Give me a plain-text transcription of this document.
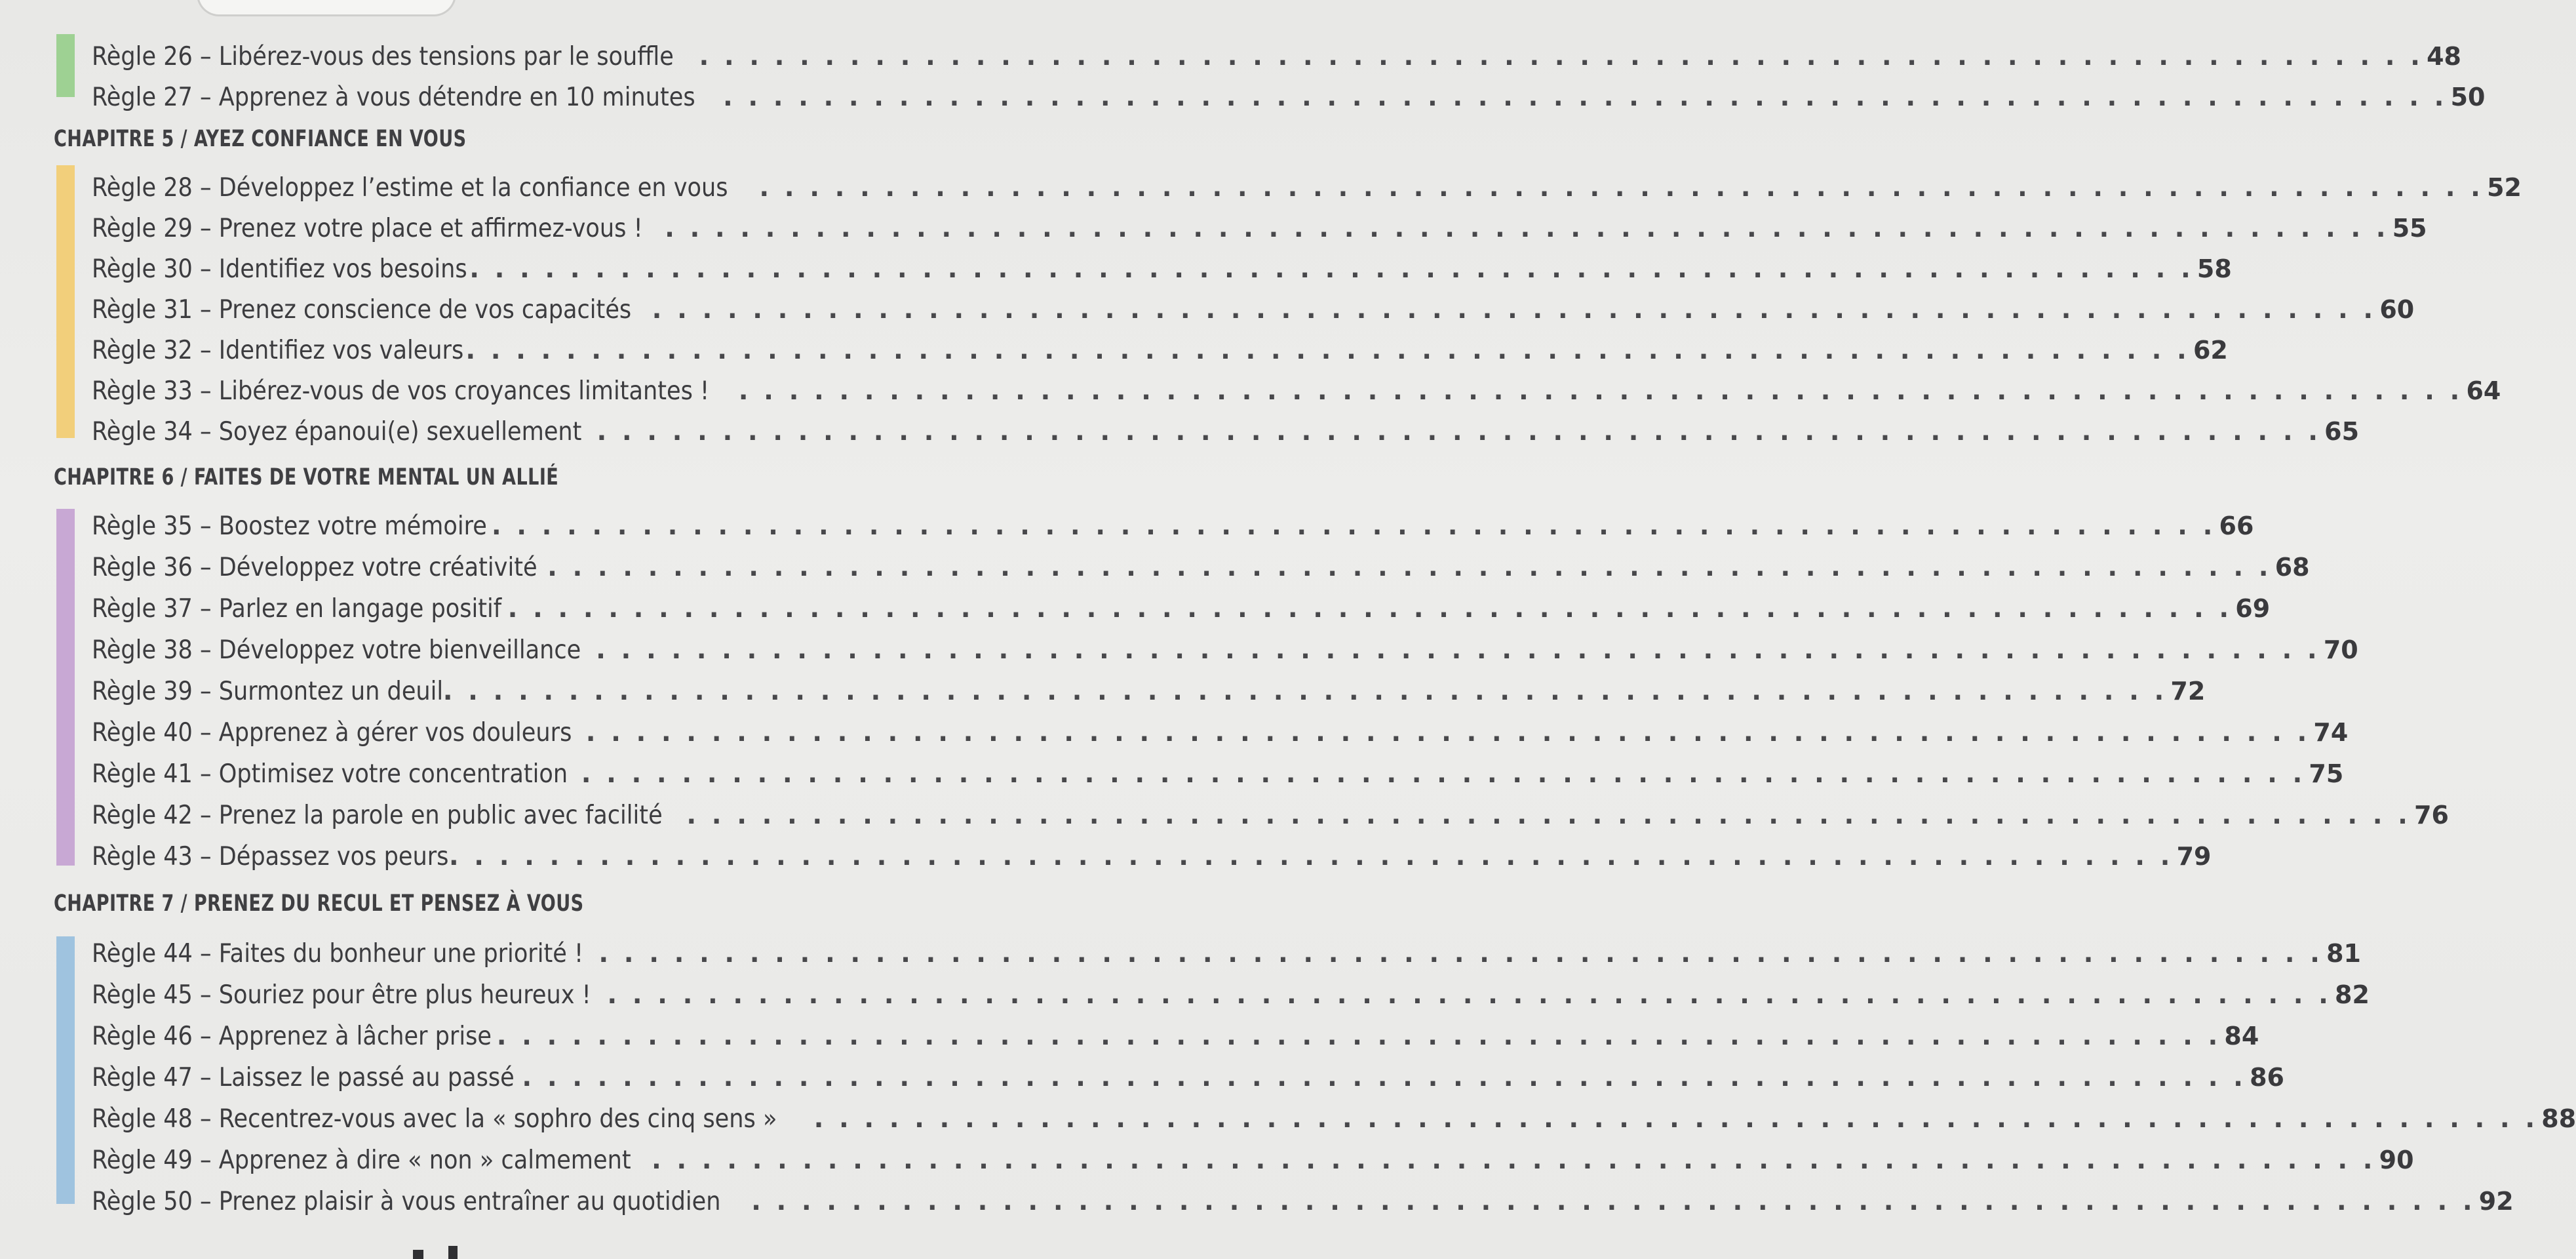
Règle 26 – Libérez-vous des tensions par le souffle . . . . . . . . . . . . . . . . . . . . . . . . . . . . . . . . . . . . . . . . . . . . . . . . . . . . . . . . . . . . . . . . . . . . . 48
Règle 27 – Apprenez à vous détendre en 10 minutes . . . . . . . . . . . . . . . . . . . . . . . . . . . . . . . . . . . . . . . . . . . . . . . . . . . . . . . . . . . . . . . . . . . . . 50
CHAPITRE 5 / AYEZ CONFIANCE EN VOUS
Règle 28 – Développez l’estime et la confiance en vous . . . . . . . . . . . . . . . . . . . . . . . . . . . . . . . . . . . . . . . . . . . . . . . . . . . . . . . . . . . . . . . . . . . . . 52
Règle 29 – Prenez votre place et affirmez-vous ! . . . . . . . . . . . . . . . . . . . . . . . . . . . . . . . . . . . . . . . . . . . . . . . . . . . . . . . . . . . . . . . . . . . . . 55
Règle 30 – Identifiez vos besoins . . . . . . . . . . . . . . . . . . . . . . . . . . . . . . . . . . . . . . . . . . . . . . . . . . . . . . . . . . . . . . . . . . . . . 58
Règle 31 – Prenez conscience de vos capacités . . . . . . . . . . . . . . . . . . . . . . . . . . . . . . . . . . . . . . . . . . . . . . . . . . . . . . . . . . . . . . . . . . . . . 60
Règle 32 – Identifiez vos valeurs . . . . . . . . . . . . . . . . . . . . . . . . . . . . . . . . . . . . . . . . . . . . . . . . . . . . . . . . . . . . . . . . . . . . . 62
Règle 33 – Libérez-vous de vos croyances limitantes ! . . . . . . . . . . . . . . . . . . . . . . . . . . . . . . . . . . . . . . . . . . . . . . . . . . . . . . . . . . . . . . . . . . . . . 64
Règle 34 – Soyez épanoui(e) sexuellement . . . . . . . . . . . . . . . . . . . . . . . . . . . . . . . . . . . . . . . . . . . . . . . . . . . . . . . . . . . . . . . . . . . . . 65
CHAPITRE 6 / FAITES DE VOTRE MENTAL UN ALLIÉ
Règle 35 – Boostez votre mémoire . . . . . . . . . . . . . . . . . . . . . . . . . . . . . . . . . . . . . . . . . . . . . . . . . . . . . . . . . . . . . . . . . . . . . 66
Règle 36 – Développez votre créativité . . . . . . . . . . . . . . . . . . . . . . . . . . . . . . . . . . . . . . . . . . . . . . . . . . . . . . . . . . . . . . . . . . . . . 68
Règle 37 – Parlez en langage positif . . . . . . . . . . . . . . . . . . . . . . . . . . . . . . . . . . . . . . . . . . . . . . . . . . . . . . . . . . . . . . . . . . . . . 69
Règle 38 – Développez votre bienveillance . . . . . . . . . . . . . . . . . . . . . . . . . . . . . . . . . . . . . . . . . . . . . . . . . . . . . . . . . . . . . . . . . . . . . 70
Règle 39 – Surmontez un deuil . . . . . . . . . . . . . . . . . . . . . . . . . . . . . . . . . . . . . . . . . . . . . . . . . . . . . . . . . . . . . . . . . . . . . 72
Règle 40 – Apprenez à gérer vos douleurs . . . . . . . . . . . . . . . . . . . . . . . . . . . . . . . . . . . . . . . . . . . . . . . . . . . . . . . . . . . . . . . . . . . . . 74
Règle 41 – Optimisez votre concentration . . . . . . . . . . . . . . . . . . . . . . . . . . . . . . . . . . . . . . . . . . . . . . . . . . . . . . . . . . . . . . . . . . . . . 75
Règle 42 – Prenez la parole en public avec facilité . . . . . . . . . . . . . . . . . . . . . . . . . . . . . . . . . . . . . . . . . . . . . . . . . . . . . . . . . . . . . . . . . . . . . 76
Règle 43 – Dépassez vos peurs . . . . . . . . . . . . . . . . . . . . . . . . . . . . . . . . . . . . . . . . . . . . . . . . . . . . . . . . . . . . . . . . . . . . . 79
CHAPITRE 7 / PRENEZ DU RECUL ET PENSEZ À VOUS
Règle 44 – Faites du bonheur une priorité ! . . . . . . . . . . . . . . . . . . . . . . . . . . . . . . . . . . . . . . . . . . . . . . . . . . . . . . . . . . . . . . . . . . . . . 81
Règle 45 – Souriez pour être plus heureux ! . . . . . . . . . . . . . . . . . . . . . . . . . . . . . . . . . . . . . . . . . . . . . . . . . . . . . . . . . . . . . . . . . . . . . 82
Règle 46 – Apprenez à lâcher prise . . . . . . . . . . . . . . . . . . . . . . . . . . . . . . . . . . . . . . . . . . . . . . . . . . . . . . . . . . . . . . . . . . . . . 84
Règle 47 – Laissez le passé au passé . . . . . . . . . . . . . . . . . . . . . . . . . . . . . . . . . . . . . . . . . . . . . . . . . . . . . . . . . . . . . . . . . . . . . 86
Règle 48 – Recentrez-vous avec la « sophro des cinq sens » . . . . . . . . . . . . . . . . . . . . . . . . . . . . . . . . . . . . . . . . . . . . . . . . . . . . . . . . . . . . . . . . . . . . . 88
Règle 49 – Apprenez à dire « non » calmement . . . . . . . . . . . . . . . . . . . . . . . . . . . . . . . . . . . . . . . . . . . . . . . . . . . . . . . . . . . . . . . . . . . . . 90
Règle 50 – Prenez plaisir à vous entraîner au quotidien . . . . . . . . . . . . . . . . . . . . . . . . . . . . . . . . . . . . . . . . . . . . . . . . . . . . . . . . . . . . . . . . . . . . . 92
